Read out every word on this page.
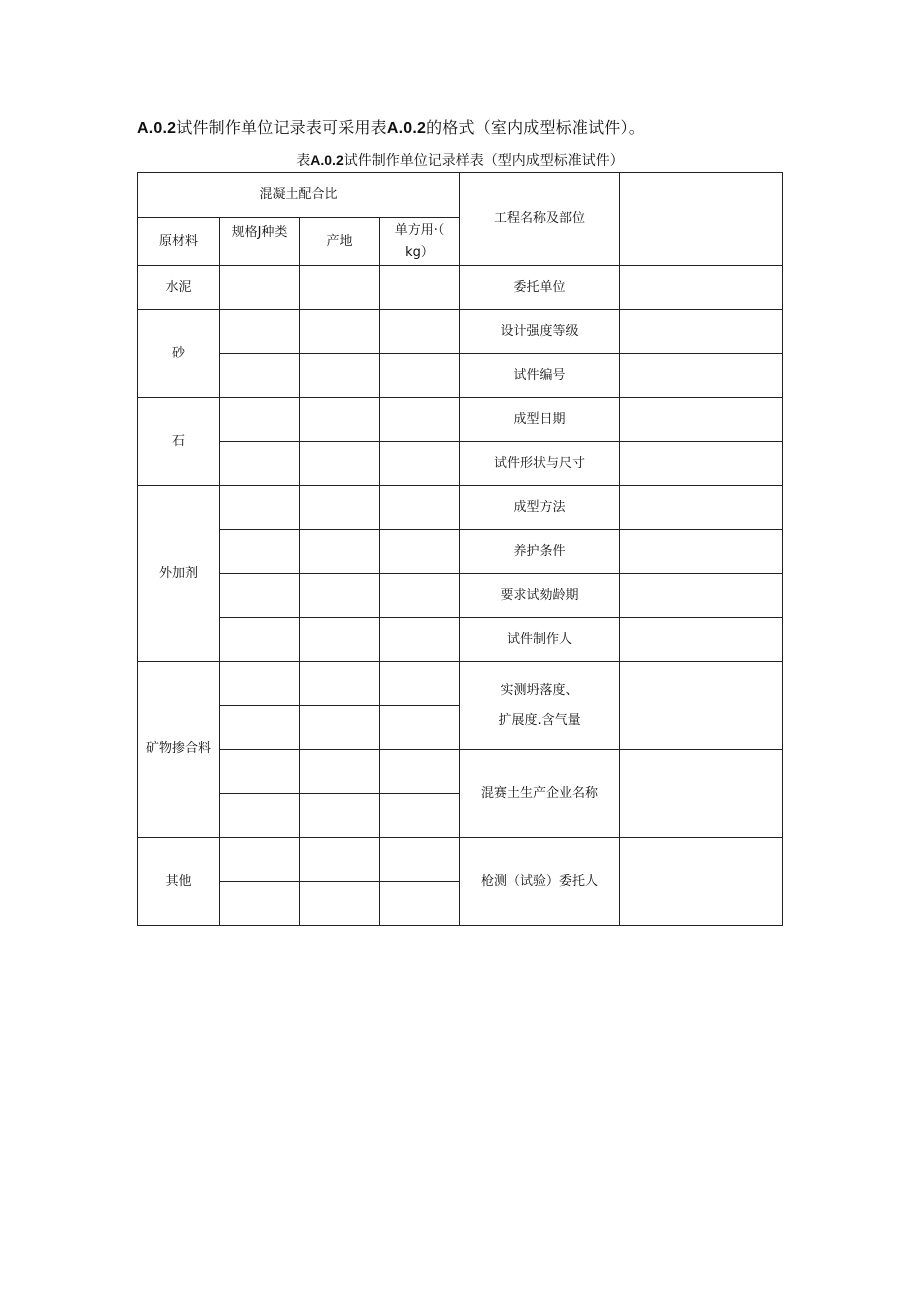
A.0.2试件制作单位记录表可采用表A.0.2的格式（室内成型标准试件）。
表A.0.2试件制作单位记录样表（型内成型标准试件）
混凝土配合比				工程名称及部位	
原材料	规格J种类	产地	单方用·（
kg）		

水泥				委托单位	
砂				设计强度等级	
				试件编号	
石				成型日期	
				试件形状与尺寸	
外加剂				成型方法	
				养护条件	
				要求试劾龄期	
				试件制作人	
矿物掺合料				实测坍落度、
扩展度.含气量	

				混赛土生产企业名称	

其他				枪测（试验）委托人	
